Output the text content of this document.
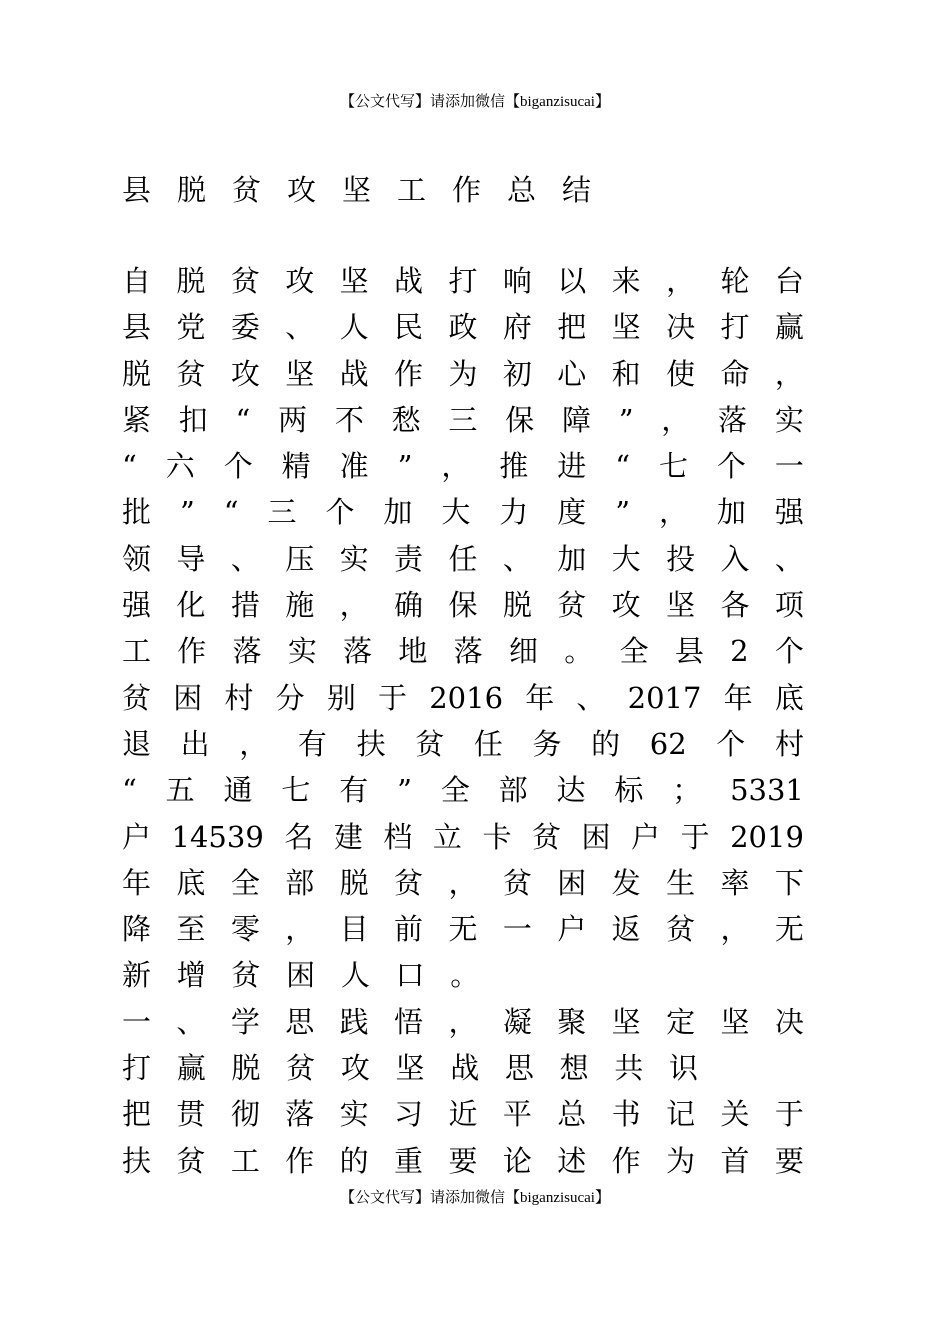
【公文代写】请添加微信【biganzisucai】
县脱贫攻坚工作总结
自 脱 贫 攻 坚 战 打 响 以 来 ， 轮 台
县 党 委 、 人 民 政 府 把 坚 决 打 赢
脱 贫 攻 坚 战 作 为 初 心 和 使 命 ，
紧 扣 “ 两 不 愁 三 保 障 ” ， 落 实
“ 六 个 精 准 ” ， 推 进 “ 七 个 一
批 ” “ 三 个 加 大 力 度 ” ， 加 强
领 导 、 压 实 责 任 、 加 大 投 入 、
强 化 措 施 ， 确 保 脱 贫 攻 坚 各 项
工 作 落 实 落 地 落 细 。 全 县 2 个
贫 困 村 分 别 于 2016 年 、 2017 年 底
退 出 ， 有 扶 贫 任 务 的 62 个 村
“ 五 通 七 有 ” 全 部 达 标 ； 5331
户 14539 名 建 档 立 卡 贫 困 户 于 2019
年 底 全 部 脱 贫 ， 贫 困 发 生 率 下
降 至 零 ， 目 前 无 一 户 返 贫 ， 无
新 增 贫 困 人 口 。
一 、 学 思 践 悟 ， 凝 聚 坚 定 坚 决
打 赢 脱 贫 攻 坚 战 思 想 共 识
把 贯 彻 落 实 习 近 平 总 书 记 关 于
扶 贫 工 作 的 重 要 论 述 作 为 首 要
【公文代写】请添加微信【biganzisucai】
